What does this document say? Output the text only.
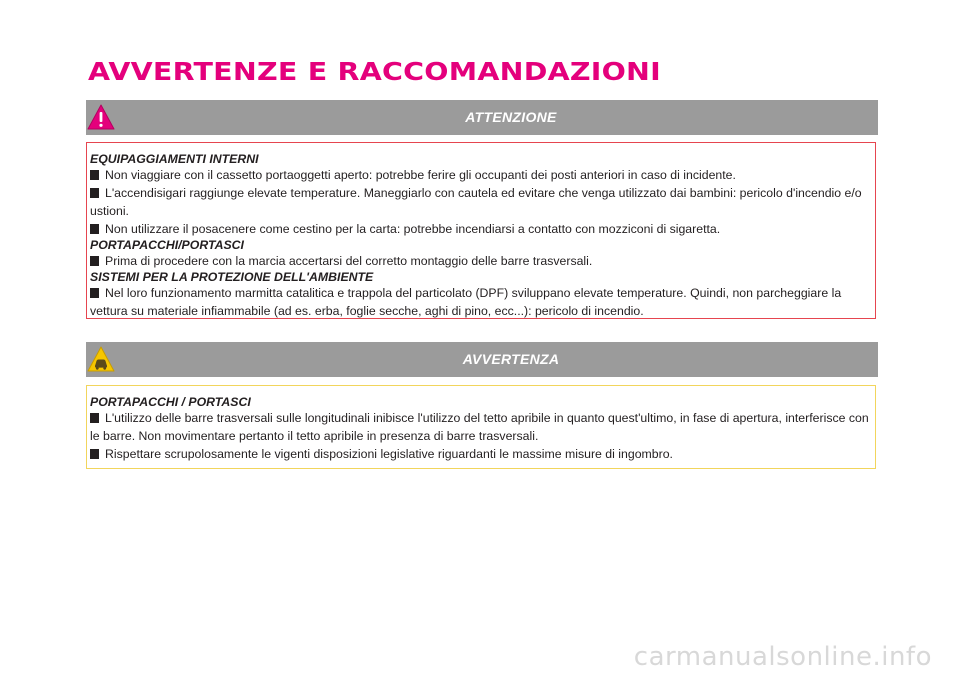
AVVERTENZE E RACCOMANDAZIONI
ATTENZIONE

EQUIPAGGIAMENTI INTERNI

Non viaggiare con il cassetto portaoggetti aperto: potrebbe ferire gli occupanti dei posti anteriori in caso di incidente.

L'accendisigari raggiunge elevate temperature. Maneggiarlo con cautela ed evitare che venga utilizzato dai bambini: pericolo d'incendio e/o ustioni.

Non utilizzare il posacenere come cestino per la carta: potrebbe incendiarsi a contatto con mozziconi di sigaretta.

PORTAPACCHI/PORTASCI

Prima di procedere con la marcia accertarsi del corretto montaggio delle barre trasversali.

SISTEMI PER LA PROTEZIONE DELL'AMBIENTE

Nel loro funzionamento marmitta catalitica e trappola del particolato (DPF) sviluppano elevate temperature. Quindi, non parcheggiare la vettura su materiale infiammabile (ad es. erba, foglie secche, aghi di pino, ecc...): pericolo di incendio.

AVVERTENZA

PORTAPACCHI / PORTASCI

L'utilizzo delle barre trasversali sulle longitudinali inibisce l'utilizzo del tetto apribile in quanto quest'ultimo, in fase di apertura, interferisce con le barre. Non movimentare pertanto il tetto apribile in presenza di barre trasversali.

Rispettare scrupolosamente le vigenti disposizioni legislative riguardanti le massime misure di ingombro.

carmanualsonline.info
